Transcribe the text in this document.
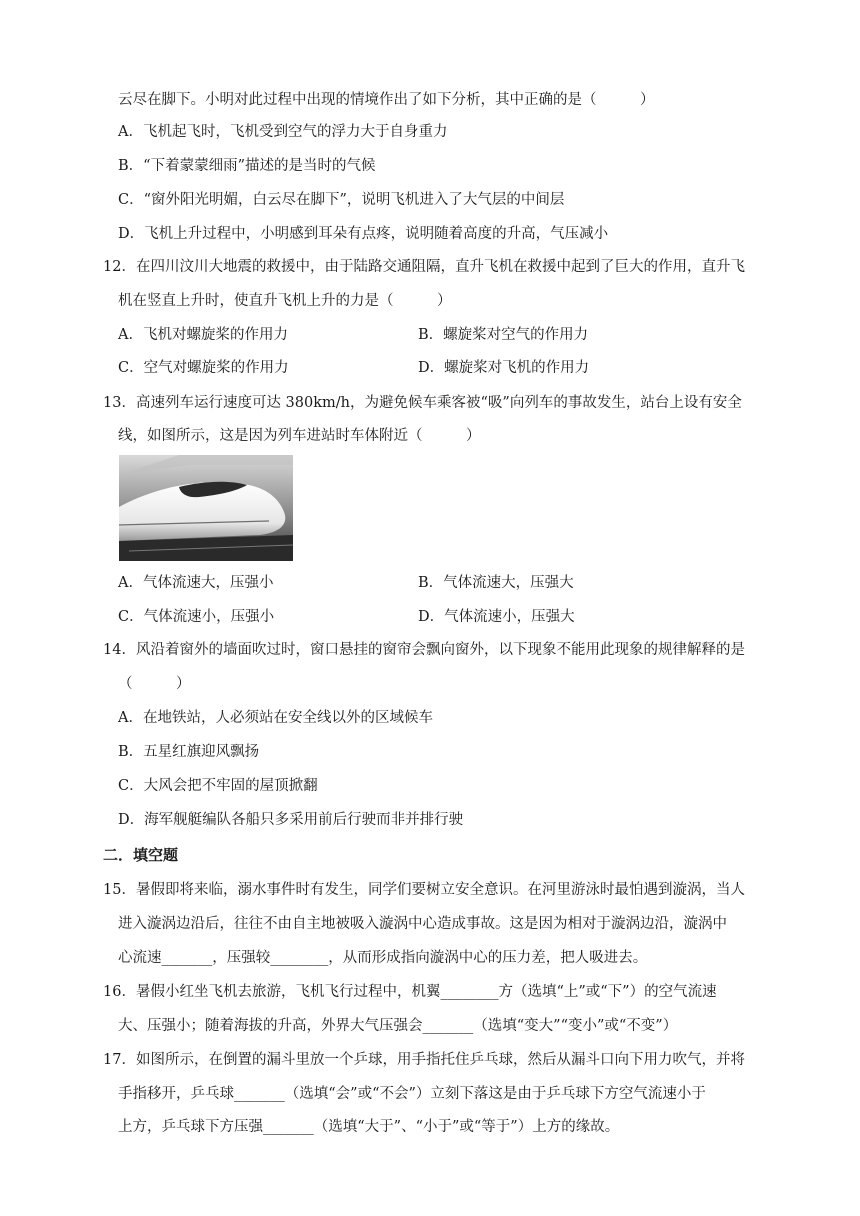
云尽在脚下。小明对此过程中出现的情境作出了如下分析，其中正确的是（　　　）
A．飞机起飞时，飞机受到空气的浮力大于自身重力
B．“下着蒙蒙细雨”描述的是当时的气候
C．“窗外阳光明媚，白云尽在脚下”，说明飞机进入了大气层的中间层
D．飞机上升过程中，小明感到耳朵有点疼，说明随着高度的升高，气压减小
12．在四川汶川大地震的救援中，由于陆路交通阻隔，直升飞机在救援中起到了巨大的作用，直升飞
机在竖直上升时，使直升飞机上升的力是（　　　）
A．飞机对螺旋桨的作用力	B．螺旋桨对空气的作用力
C．空气对螺旋桨的作用力	D．螺旋桨对飞机的作用力
13．高速列车运行速度可达 380km/h，为避免候车乘客被“吸”向列车的事故发生，站台上设有安全
线，如图所示，这是因为列车进站时车体附近（　　　）
A．气体流速大，压强小	B．气体流速大，压强大
C．气体流速小，压强小	D．气体流速小，压强大
14．风沿着窗外的墙面吹过时，窗口悬挂的窗帘会飘向窗外，以下现象不能用此现象的规律解释的是
（　　　）
A．在地铁站，人必须站在安全线以外的区域候车
B．五星红旗迎风飘扬
C．大风会把不牢固的屋顶掀翻
D．海军舰艇编队各船只多采用前后行驶而非并排行驶
二．填空题
15．暑假即将来临，溺水事件时有发生，同学们要树立安全意识。在河里游泳时最怕遇到漩涡，当人
进入漩涡边沿后，往往不由自主地被吸入漩涡中心造成事故。这是因为相对于漩涡边沿，漩涡中
心流速_______，压强较________，从而形成指向漩涡中心的压力差，把人吸进去。
16．暑假小红坐飞机去旅游，飞机飞行过程中，机翼________方（选填“上”或“下”）的空气流速
大、压强小；随着海拔的升高，外界大气压强会_______（选填“变大”“变小”或“不变”）
17．如图所示，在倒置的漏斗里放一个乒球，用手指托住乒乓球，然后从漏斗口向下用力吹气，并将
手指移开，乒乓球_______（选填“会”或“不会”）立刻下落这是由于乒乓球下方空气流速小于
上方，乒乓球下方压强_______（选填“大于”、“小于”或“等于”）上方的缘故。
